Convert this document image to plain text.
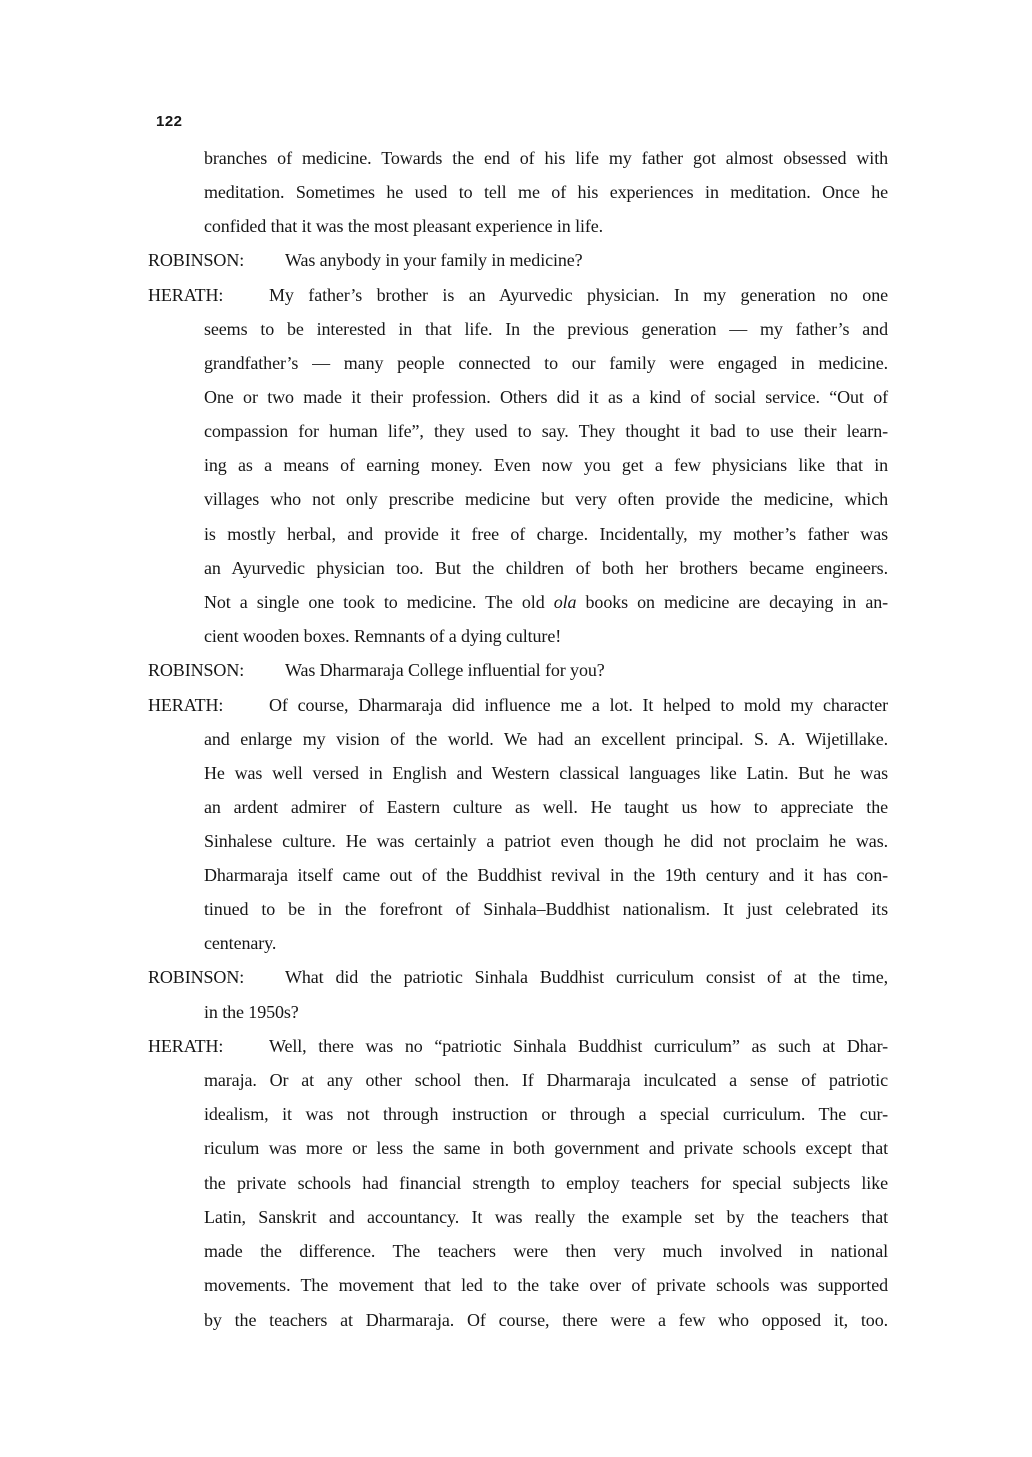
122
branches of medicine. Towards the end of his life my father got almost obsessed with
meditation. Sometimes he used to tell me of his experiences in meditation. Once he
confided that it was the most pleasant experience in life.
ROBINSON:	Was anybody in your family in medicine?
HERATH:	My father’s brother is an Ayurvedic physician. In my generation no one
seems to be interested in that life. In the previous generation — my father’s and
grandfather’s — many people connected to our family were engaged in medicine.
One or two made it their profession. Others did it as a kind of social service. “Out of
compassion for human life”, they used to say. They thought it bad to use their learn-
ing as a means of earning money. Even now you get a few physicians like that in
villages who not only prescribe medicine but very often provide the medicine, which
is mostly herbal, and provide it free of charge. Incidentally, my mother’s father was
an Ayurvedic physician too. But the children of both her brothers became engineers.
Not a single one took to medicine. The old ola books on medicine are decaying in an-
cient wooden boxes. Remnants of a dying culture!
ROBINSON:	Was Dharmaraja College influential for you?
HERATH:	Of course, Dharmaraja did influence me a lot. It helped to mold my character
and enlarge my vision of the world. We had an excellent principal. S. A. Wijetillake.
He was well versed in English and Western classical languages like Latin. But he was
an ardent admirer of Eastern culture as well. He taught us how to appreciate the
Sinhalese culture. He was certainly a patriot even though he did not proclaim he was.
Dharmaraja itself came out of the Buddhist revival in the 19th century and it has con-
tinued to be in the forefront of Sinhala–Buddhist nationalism. It just celebrated its
centenary.
ROBINSON:	What did the patriotic Sinhala Buddhist curriculum consist of at the time,
in the 1950s?
HERATH:	Well, there was no “patriotic Sinhala Buddhist curriculum” as such at Dhar-
maraja. Or at any other school then. If Dharmaraja inculcated a sense of patriotic
idealism, it was not through instruction or through a special curriculum. The cur-
riculum was more or less the same in both government and private schools except that
the private schools had financial strength to employ teachers for special subjects like
Latin, Sanskrit and accountancy. It was really the example set by the teachers that
made the difference. The teachers were then very much involved in national
movements. The movement that led to the take over of private schools was supported
by the teachers at Dharmaraja. Of course, there were a few who opposed it, too.
